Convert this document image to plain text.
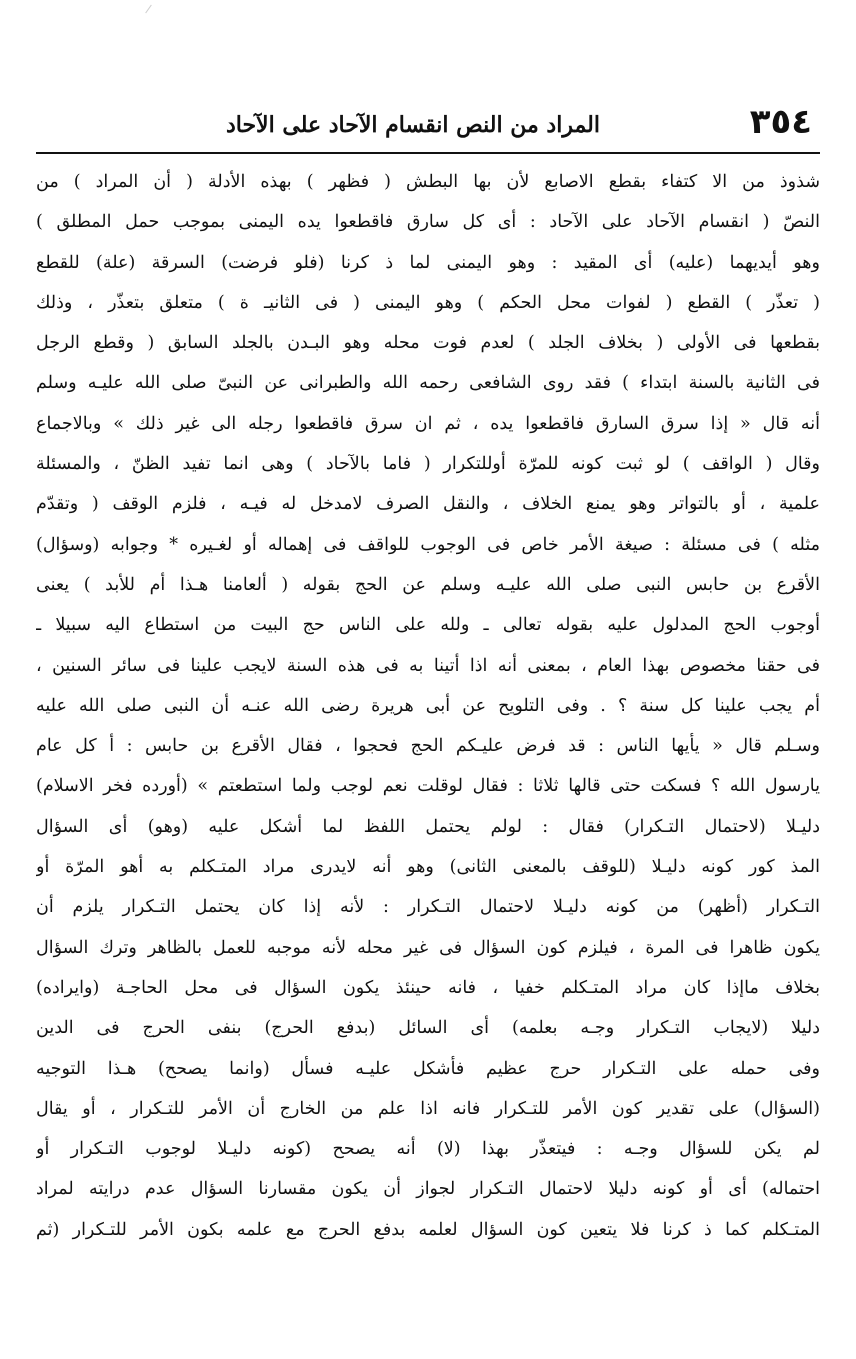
٣٥٤
المراد من النص انقسام الآحاد على الآحاد
شذوذ من الا كتفاء بقطع الاصابع لأن بها البطش ( فظهر ) بهذه الأدلة ( أن المراد ) من
النصّ ( انقسام الآحاد على الآحاد : أى كل سارق فاقطعوا يده اليمنى بموجب حمل المطلق )
وهو أيديهما (عليه) أى المقيد : وهو اليمنى لما ذ كرنا (فلو فرضت) السرقة (علة) للقطع
( تعذّر ) القطع ( لفوات محل الحكم ) وهو اليمنى ( فى الثانيـ ة ) متعلق بتعذّر ، وذلك
بقطعها فى الأولى ( بخلاف الجلد ) لعدم فوت محله وهو البـدن بالجلد السابق ( وقطع الرجل
فى الثانية بالسنة ابتداء ) فقد روى الشافعى رحمه الله والطبرانى عن النبىّ صلى الله عليـه وسلم
أنه قال « إذا سرق السارق فاقطعوا يده ، ثم ان سرق فاقطعوا رجله الى غير ذلك » وبالاجماع
وقال ( الواقف ) لو ثبت كونه للمرّة أوللتكرار ( فاما بالآحاد ) وهى انما تفيد الظنّ ، والمسئلة
علمية ، أو بالتواتر وهو يمنع الخلاف ، والنقل الصرف لامدخل له فيـه ، فلزم الوقف ( وتقدّم
مثله ) فى مسئلة : صيغة الأمر خاص فى الوجوب للواقف فى إهماله أو لغـيره * وجوابه (وسؤال)
الأقرع بن حابس النبى صلى الله عليـه وسلم عن الحج بقوله ( ألعامنا هـذا أم للأبد ) يعنى
أوجوب الحج المدلول عليه بقوله تعالى ـ ولله على الناس حج البيت من استطاع اليه سبيلا ـ
فى حقنا مخصوص بهذا العام ، بمعنى أنه اذا أتينا به فى هذه السنة لايجب علينا فى سائر السنين ،
أم يجب علينا كل سنة ؟ . وفى التلويح عن أبى هريرة رضى الله عنـه أن النبى صلى الله عليه
وسـلم قال « يأيها الناس : قد فرض عليـكم الحج فحجوا ، فقال الأقرع بن حابس : أ كل عام
يارسول الله ؟ فسكت حتى قالها ثلاثا : فقال لوقلت نعم لوجب ولما استطعتم » (أورده فخر الاسلام)
دليـلا (لاحتمال التـكرار) فقال : لولم يحتمل اللفظ لما أشكل عليه (وهو) أى السؤال
المذ كور كونه دليـلا (للوقف بالمعنى الثانى) وهو أنه لايدرى مراد المتـكلم به أهو المرّة أو
التـكرار (أظهر) من كونه دليـلا لاحتمال التـكرار : لأنه إذا كان يحتمل التـكرار يلزم أن
يكون ظاهرا فى المرة ، فيلزم كون السؤال فى غير محله لأنه موجبه للعمل بالظاهر وترك السؤال
بخلاف ماإذا كان مراد المتـكلم خفيا ، فانه حينئذ يكون السؤال فى محل الحاجـة (وايراده)
دليلا (لايجاب التـكرار وجـه بعلمه) أى السائل (بدفع الحرج) بنفى الحرج فى الدين
وفى حمله على التـكرار حرج عظيم فأشكل عليـه فسأل (وانما يصحح) هـذا التوجيه
(السؤال) على تقدير كون الأمر للتـكرار فانه اذا علم من الخارج أن الأمر للتـكرار ، أو يقال
لم يكن للسؤال وجـه : فيتعذّر بهذا (لا) أنه يصحح (كونه دليـلا لوجوب التـكرار أو
احتماله) أى أو كونه دليلا لاحتمال التـكرار لجواز أن يكون مقسارنا السؤال عدم درايته لمراد
المتـكلم كما ذ كرنا فلا يتعين كون السؤال لعلمه بدفع الحرج مع علمه بكون الأمر للتـكرار (ثم
